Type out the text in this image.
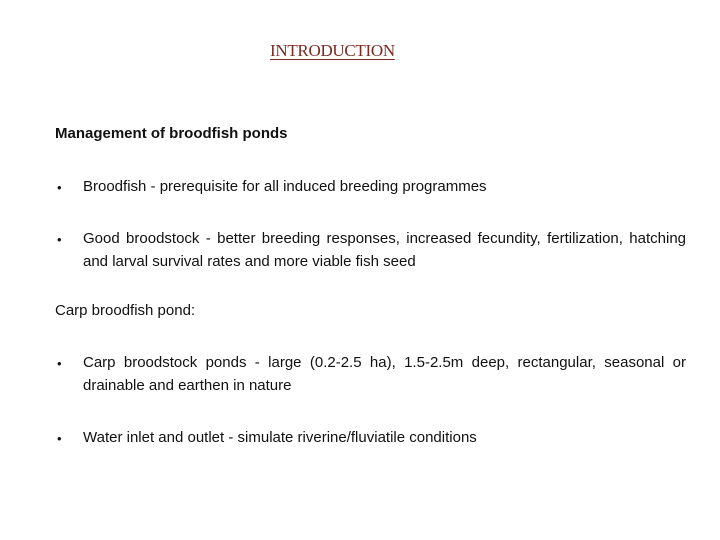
INTRODUCTION
Management of broodfish ponds
• Broodfish - prerequisite for all induced breeding programmes
• Good broodstock - better breeding responses, increased fecundity, fertilization, hatching and larval survival rates and more viable fish seed
Carp broodfish pond:
• Carp broodstock ponds - large (0.2-2.5 ha), 1.5-2.5m deep, rectangular, seasonal or drainable and earthen in nature
• Water inlet and outlet - simulate riverine/fluviatile conditions
